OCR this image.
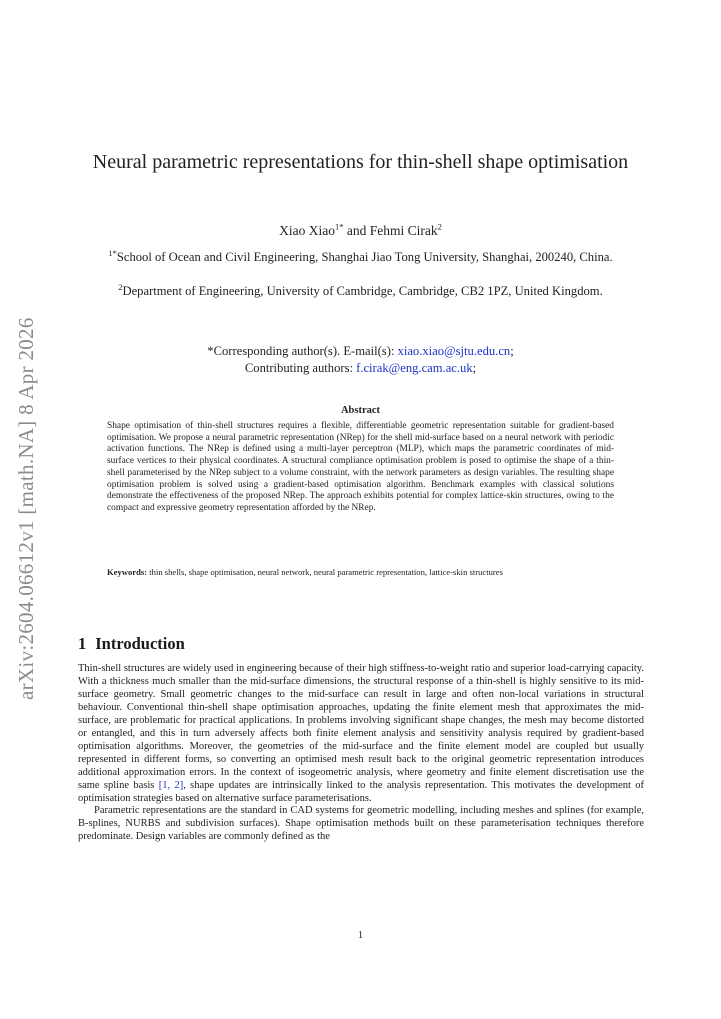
arXiv:2604.06612v1 [math.NA] 8 Apr 2026
Neural parametric representations for thin-shell shape optimisation
Xiao Xiao$^{1*}$ and Fehmi Cirak$^2$
$^{1*}$School of Ocean and Civil Engineering, Shanghai Jiao Tong University, Shanghai, 200240, China.
$^2$Department of Engineering, University of Cambridge, Cambridge, CB2 1PZ, United Kingdom.
*Corresponding author(s). E-mail(s): xiao.xiao@sjtu.edu.cn;
Contributing authors: f.cirak@eng.cam.ac.uk;
Abstract
Shape optimisation of thin-shell structures requires a flexible, differentiable geometric representation suitable for gradient-based optimisation. We propose a neural parametric representation (NRep) for the shell mid-surface based on a neural network with periodic activation functions. The NRep is defined using a multi-layer perceptron (MLP), which maps the parametric coordinates of mid-surface vertices to their physical coordinates. A structural compliance optimisation problem is posed to optimise the shape of a thin-shell parameterised by the NRep subject to a volume constraint, with the network parameters as design variables. The resulting shape optimisation problem is solved using a gradient-based optimisation algorithm. Benchmark examples with classical solutions demonstrate the effectiveness of the proposed NRep. The approach exhibits potential for complex lattice-skin structures, owing to the compact and expressive geometry representation afforded by the NRep.
Keywords: thin shells, shape optimisation, neural network, neural parametric representation, lattice-skin structures
1 Introduction

Thin-shell structures are widely used in engineering because of their high stiffness-to-weight ratio and superior load-carrying capacity. With a thickness much smaller than the mid-surface dimensions, the structural response of a thin-shell is highly sensitive to its mid-surface geometry. Small geometric changes to the mid-surface can result in large and often non-local variations in structural behaviour. Conventional thin-shell shape optimisation approaches, updating the finite element mesh that approximates the mid-surface, are problematic for practical applications. In problems involving significant shape changes, the mesh may become distorted or entangled, and this in turn adversely affects both finite element analysis and sensitivity analysis required by gradient-based optimisation algorithms. Moreover, the geometries of the mid-surface and the finite element model are coupled but usually represented in different forms, so converting an optimised mesh result back to the original geometric representation introduces additional approximation errors. In the context of isogeometric analysis, where geometry and finite element discretisation use the same spline basis [1, 2], shape updates are intrinsically linked to the analysis representation. This motivates the development of optimisation strategies based on alternative surface parameterisations.

Parametric representations are the standard in CAD systems for geometric modelling, including meshes and splines (for example, B-splines, NURBS and subdivision surfaces). Shape optimisation methods built on these parameterisation techniques therefore predominate. Design variables are commonly defined as the

1
